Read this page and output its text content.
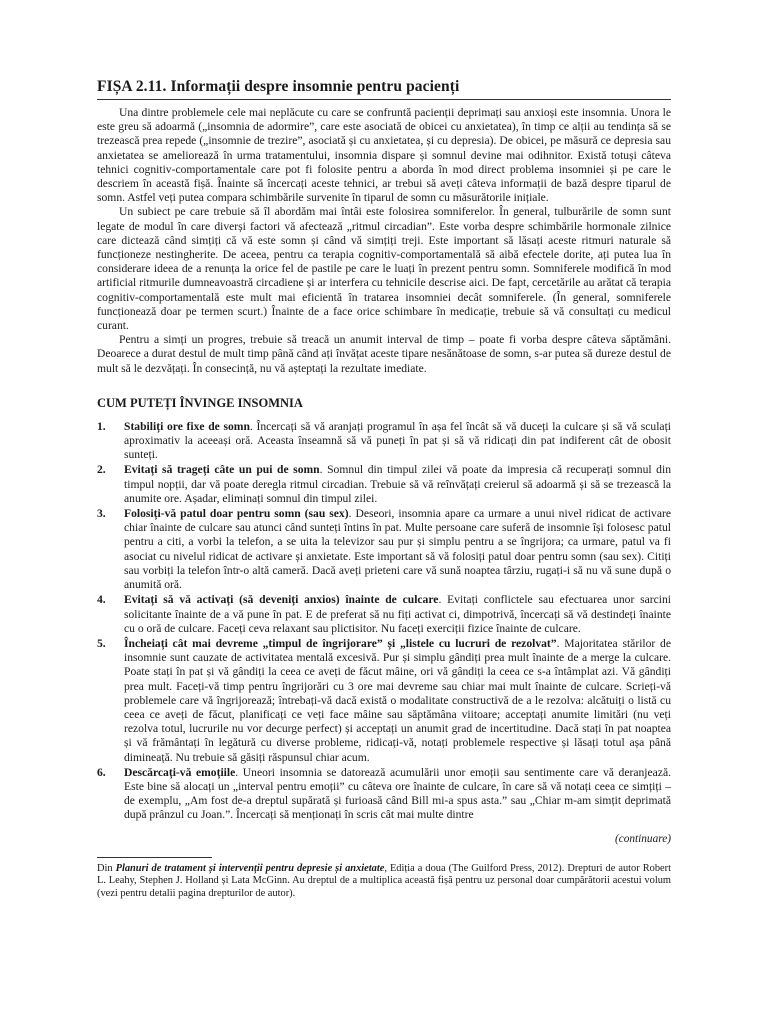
FIȘA 2.11. Informații despre insomnie pentru pacienți

Una dintre problemele cele mai neplăcute cu care se confruntă pacienții deprimați sau anxioși este insomnia. Unora le este greu să adoarmă („insomnia de adormire”, care este asociată de obicei cu anxietatea), în timp ce alții au tendința să se trezească prea repede („insomnie de trezire”, asociată și cu anxietatea, și cu depresia). De obicei, pe măsură ce depresia sau anxietatea se ameliorează în urma tratamentului, insomnia dispare și somnul devine mai odihnitor. Există totuși câteva tehnici cognitiv-comportamentale care pot fi folosite pentru a aborda în mod direct problema insomniei și pe care le descriem în această fișă. Înainte să încercați aceste tehnici, ar trebui să aveți câteva informații de bază despre tiparul de somn. Astfel veți putea compara schimbările survenite în tiparul de somn cu măsurătorile inițiale.

Un subiect pe care trebuie să îl abordăm mai întâi este folosirea somniferelor. În general, tulburările de somn sunt legate de modul în care diverși factori vă afectează „ritmul circadian”. Este vorba despre schimbările hormonale zilnice care dictează când simțiți că vă este somn și când vă simțiți treji. Este important să lăsați aceste ritmuri naturale să funcționeze nestingherite. De aceea, pentru ca terapia cognitiv-comportamentală să aibă efectele dorite, ați putea lua în considerare ideea de a renunța la orice fel de pastile pe care le luați în prezent pentru somn. Somniferele modifică în mod artificial ritmurile dumneavoastră circadiene și ar interfera cu tehnicile descrise aici. De fapt, cercetările au arătat că terapia cognitiv-comportamentală este mult mai eficientă în tratarea insomniei decât somniferele. (În general, somniferele funcționează doar pe termen scurt.) Înainte de a face orice schimbare în medicație, trebuie să vă consultați cu medicul curant.

Pentru a simți un progres, trebuie să treacă un anumit interval de timp – poate fi vorba despre câteva săptămâni. Deoarece a durat destul de mult timp până când ați învățat aceste tipare nesănătoase de somn, s-ar putea să dureze destul de mult să le dezvățați. În consecință, nu vă așteptați la rezultate imediate.

CUM PUTEȚI ÎNVINGE INSOMNIA
1. Stabiliți ore fixe de somn. Încercați să vă aranjați programul în așa fel încât să vă duceți la culcare și să vă sculați aproximativ la aceeași oră. Aceasta înseamnă să vă puneți în pat și să vă ridicați din pat indiferent cât de obosit sunteți.
2. Evitați să trageți câte un pui de somn. Somnul din timpul zilei vă poate da impresia că recuperați somnul din timpul nopții, dar vă poate deregla ritmul circadian. Trebuie să vă reînvățați creierul să adoarmă și să se trezească la anumite ore. Așadar, eliminați somnul din timpul zilei.
3. Folosiți-vă patul doar pentru somn (sau sex). Deseori, insomnia apare ca urmare a unui nivel ridicat de activare chiar înainte de culcare sau atunci când sunteți întins în pat. Multe persoane care suferă de insomnie își folosesc patul pentru a citi, a vorbi la telefon, a se uita la televizor sau pur și simplu pentru a se îngrijora; ca urmare, patul va fi asociat cu nivelul ridicat de activare și anxietate. Este important să vă folosiți patul doar pentru somn (sau sex). Citiți sau vorbiți la telefon într-o altă cameră. Dacă aveți prieteni care vă sună noaptea târziu, rugați-i să nu vă sune după o anumită oră.
4. Evitați să vă activați (să deveniți anxios) înainte de culcare. Evitați conflictele sau efectuarea unor sarcini solicitante înainte de a vă pune în pat. E de preferat să nu fiți activat ci, dimpotrivă, încercați să vă destindeți înainte cu o oră de culcare. Faceți ceva relaxant sau plictisitor. Nu faceți exerciții fizice înainte de culcare.
5. Încheiați cât mai devreme „timpul de îngrijorare” și „listele cu lucruri de rezolvat”. Majoritatea stărilor de insomnie sunt cauzate de activitatea mentală excesivă. Pur și simplu gândiți prea mult înainte de a merge la culcare. Poate stați în pat și vă gândiți la ceea ce aveți de făcut mâine, ori vă gândiți la ceea ce s-a întâmplat azi. Vă gândiți prea mult. Faceți-vă timp pentru îngrijorări cu 3 ore mai devreme sau chiar mai mult înainte de culcare. Scrieți-vă problemele care vă îngrijorează; întrebați-vă dacă există o modalitate constructivă de a le rezolva: alcătuiți o listă cu ceea ce aveți de făcut, planificați ce veți face mâine sau săptămâna viitoare; acceptați anumite limitări (nu veți rezolva totul, lucrurile nu vor decurge perfect) și acceptați un anumit grad de incertitudine. Dacă stați în pat noaptea și vă frământați în legătură cu diverse probleme, ridicați-vă, notați problemele respective și lăsați totul așa până dimineață. Nu trebuie să găsiți răspunsul chiar acum.
6. Descărcați-vă emoțiile. Uneori insomnia se datorează acumulării unor emoții sau sentimente care vă deranjează. Este bine să alocați un „interval pentru emoții” cu câteva ore înainte de culcare, în care să vă notați ceea ce simțiți – de exemplu, „Am fost de-a dreptul supărată și furioasă când Bill mi-a spus asta.” sau „Chiar m-am simțit deprimată după prânzul cu Joan.”. Încercați să menționați în scris cât mai multe dintre
(continuare)
Din Planuri de tratament și intervenții pentru depresie și anxietate, Ediția a doua (The Guilford Press, 2012). Drepturi de autor Robert L. Leahy, Stephen J. Holland și Lata McGinn. Au dreptul de a multiplica această fișă pentru uz personal doar cumpărătorii acestui volum (vezi pentru detalii pagina drepturilor de autor).
